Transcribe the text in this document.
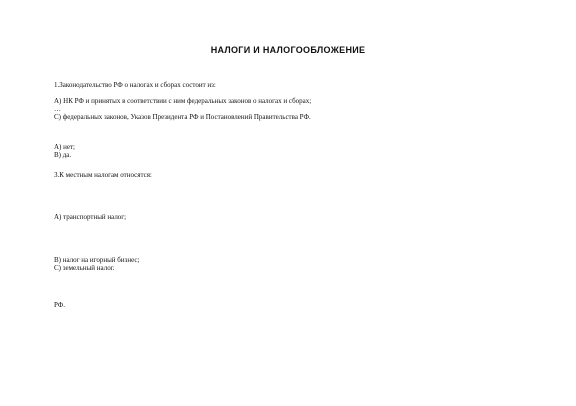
НАЛОГИ И НАЛОГООБЛОЖЕНИЕ

1.Законодательство РФ о налогах и сборах состоит из:

А) НК РФ и принятых в соответствии с ним федеральных законов о налогах и сборах;

…

С) федеральных законов, Указов Президента РФ и Постановлений Правительства РФ.

А) нет;

В) да.

3.К местным налогам относятся:

А) транспортный налог;

В) налог на игорный бизнес;

С) земельный налог.

РФ.
